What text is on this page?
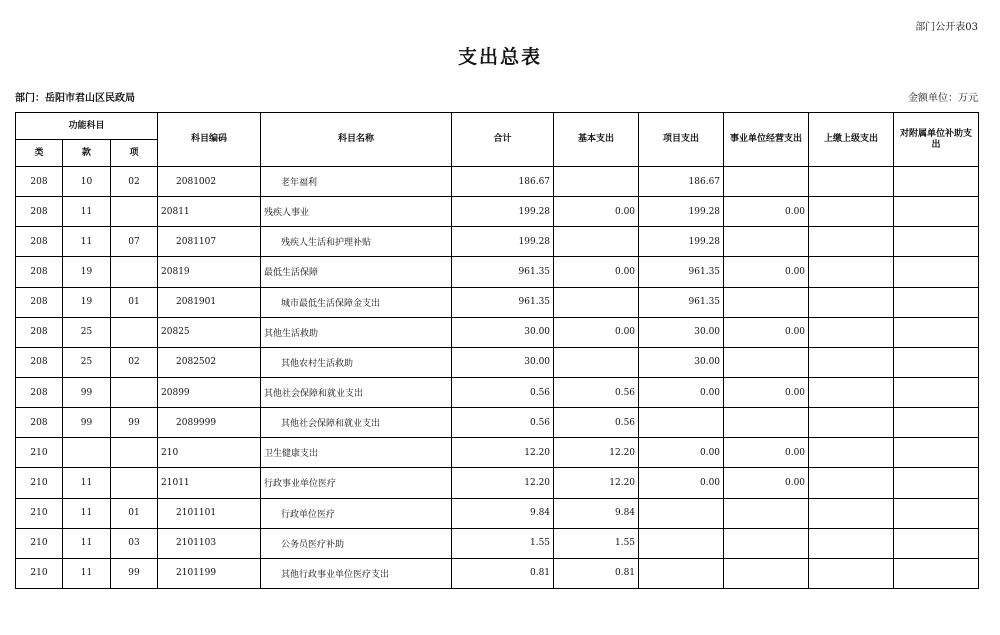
部门公开表03
支出总表
部门：岳阳市君山区民政局	金额单位：万元
功能科目			科目编码	科目名称	合计	基本支出	项目支出	事业单位经营支出	上缴上级支出	对附属单位补助支出
类	款	项								
208	10	02	2081002	老年福利	186.67		186.67			
208	11		20811	残疾人事业	199.28	0.00	199.28	0.00		
208	11	07	2081107	残疾人生活和护理补贴	199.28		199.28			
208	19		20819	最低生活保障	961.35	0.00	961.35	0.00		
208	19	01	2081901	城市最低生活保障金支出	961.35		961.35			
208	25		20825	其他生活救助	30.00	0.00	30.00	0.00		
208	25	02	2082502	其他农村生活救助	30.00		30.00			
208	99		20899	其他社会保障和就业支出	0.56	0.56	0.00	0.00		
208	99	99	2089999	其他社会保障和就业支出	0.56	0.56				
210			210	卫生健康支出	12.20	12.20	0.00	0.00		
210	11		21011	行政事业单位医疗	12.20	12.20	0.00	0.00		
210	11	01	2101101	行政单位医疗	9.84	9.84				
210	11	03	2101103	公务员医疗补助	1.55	1.55				
210	11	99	2101199	其他行政事业单位医疗支出	0.81	0.81				
